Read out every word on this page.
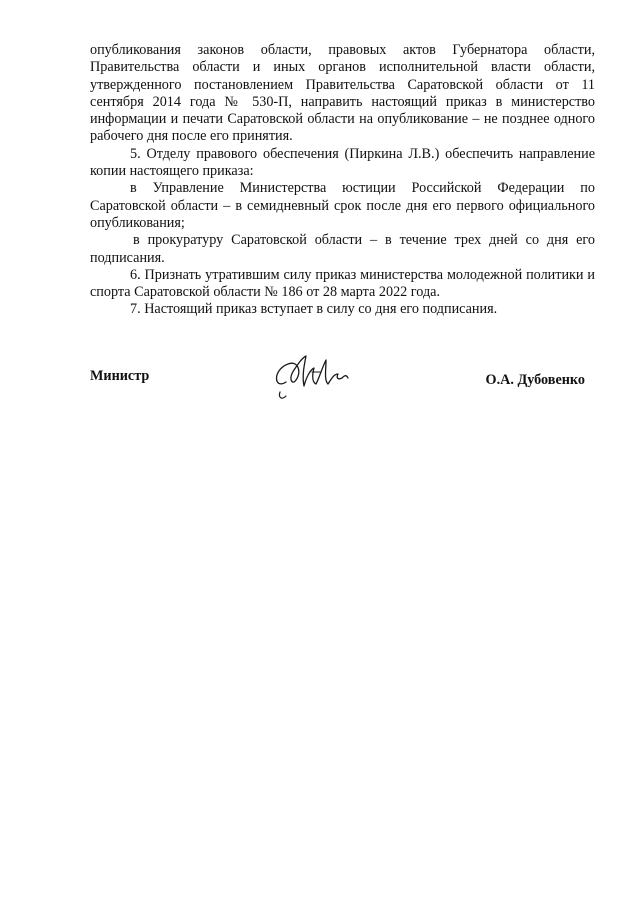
опубликования законов области, правовых актов Губернатора области, Правительства области и иных органов исполнительной власти области, утвержденного постановлением Правительства Саратовской области от 11 сентября 2014 года № 530-П, направить настоящий приказ в министерство информации и печати Саратовской области на опубликование – не позднее одного рабочего дня после его принятия.

5. Отделу правового обеспечения (Пиркина Л.В.) обеспечить направление копии настоящего приказа:

в Управление Министерства юстиции Российской Федерации по Саратовской области – в семидневный срок после дня его первого официального опубликования;

в прокуратуру Саратовской области – в течение трех дней со дня его подписания.

6. Признать утратившим силу приказ министерства молодежной политики и спорта Саратовской области № 186 от 28 марта 2022 года.

7. Настоящий приказ вступает в силу со дня его подписания.

Министр	О.А. Дубовенко
